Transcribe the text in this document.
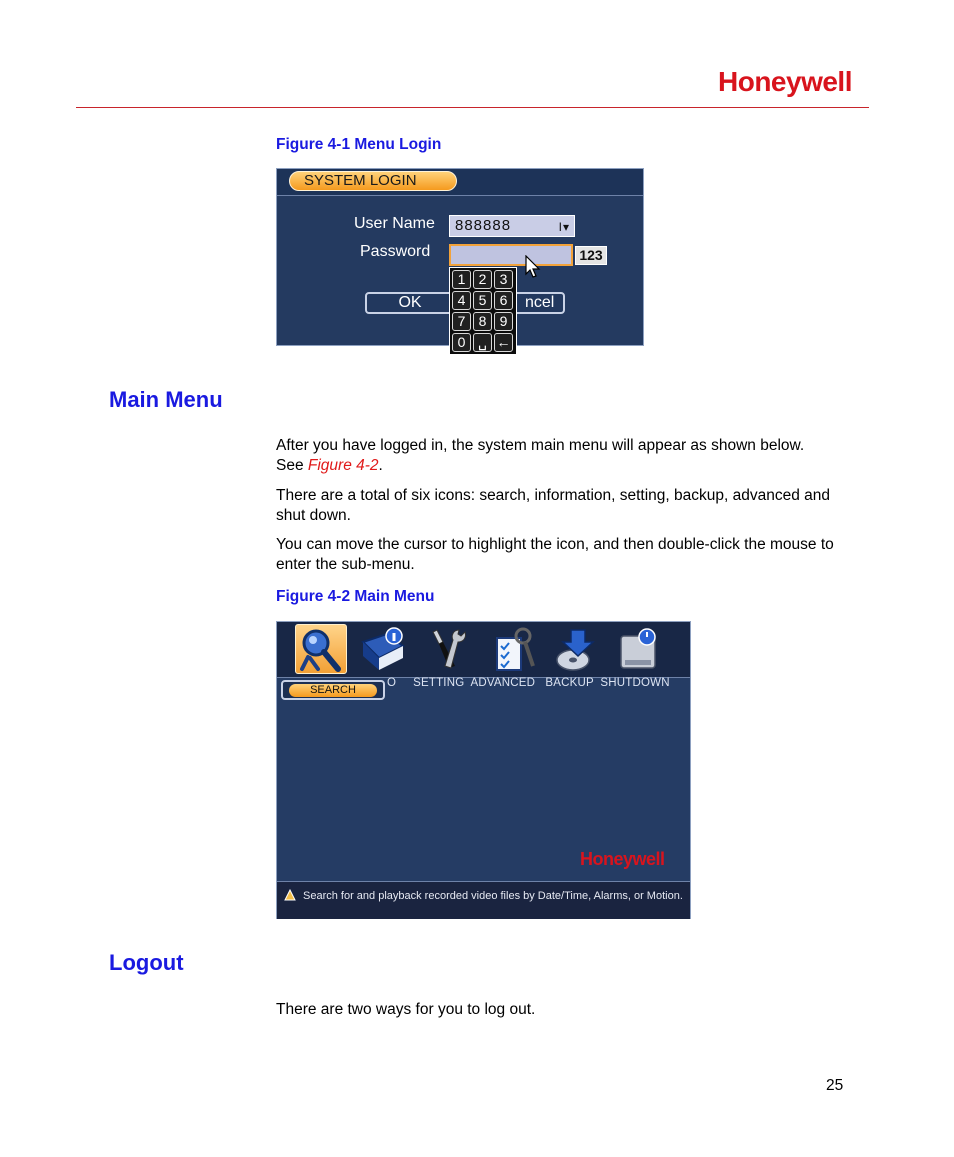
Honeywell
Figure 4-1 Menu Login
SYSTEM LOGIN
User Name	888888	I▾
Password	123
OK	ncel
1 2 3
4 5 6
7 8 9
0 ␣ ←
Main Menu
After you have logged in, the system main menu will appear as shown below. See Figure 4-2.
There are a total of six icons: search, information, setting, backup, advanced and shut down.
You can move the cursor to highlight the icon, and then double-click the mouse to enter the sub-menu.
Figure 4-2 Main Menu
SEARCH
O     SETTING  ADVANCED   BACKUP  SHUTDOWN
Honeywell
Search for and playback recorded video files by Date/Time, Alarms, or Motion.
Logout
There are two ways for you to log out.
25
